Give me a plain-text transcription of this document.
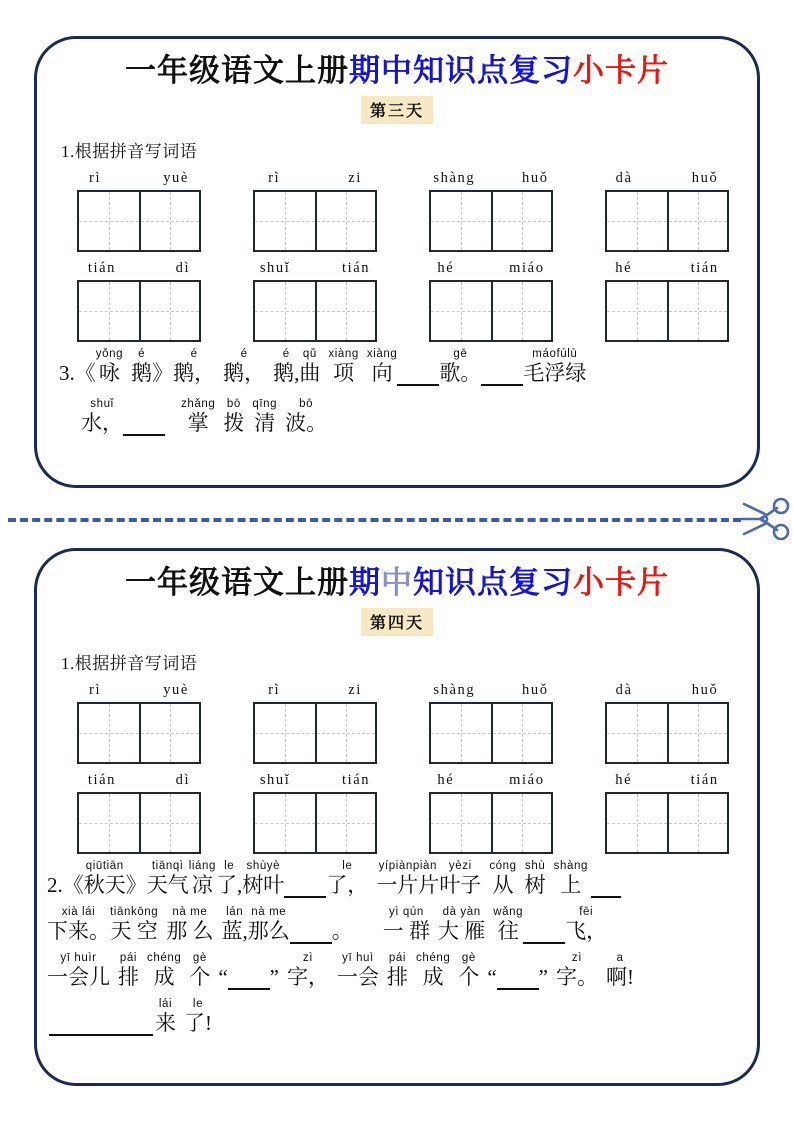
一年级语文上册期中知识点复习小卡片
第三天
1.根据拼音写词语
rì	yuè	rì	zi	shàng	huǒ	dà	huǒ
tián	dì	shuǐ	tián	hé	miáo	hé	tián
3.《
yǒng
咏
é
鹅 》
é
鹅，
é
鹅，
é
鹅,
qǔ
曲
xiàng
项
xiàng
向
gē
歌。
máofúlù
毛浮绿
shuǐ
水，
zhǎng
掌
bō
拨
qīng
清
bō
波。
一年级语文上册期中知识点复习小卡片
第四天
1.根据拼音写词语
rì	yuè	rì	zi	shàng	huǒ	dà	huǒ
tián	dì	shuǐ	tián	hé	miáo	hé	tián
2.《
qiūtiān
秋天 》
tiānqì
天气
liáng
凉
le
了,
shùyè
树叶
le
了，
yípiànpiàn
一片片
yèzi
叶子
cóng
从
shù
树
shàng
上
xià lái
下来。
tiānkōng
天 空
nà me
那 么
lán
蓝,
nà me
那么 。
yì qún
一 群
dà yàn
大 雁
wǎng
往
fēi
飞，
yī huìr
一会儿
pái
排
chéng
成
gè
个 “ ”
zì
字，
yī huì
一会
pái
排
chéng
成
gè
个 “ ”
zì
字。
a
啊!
lái
来
le
了!
